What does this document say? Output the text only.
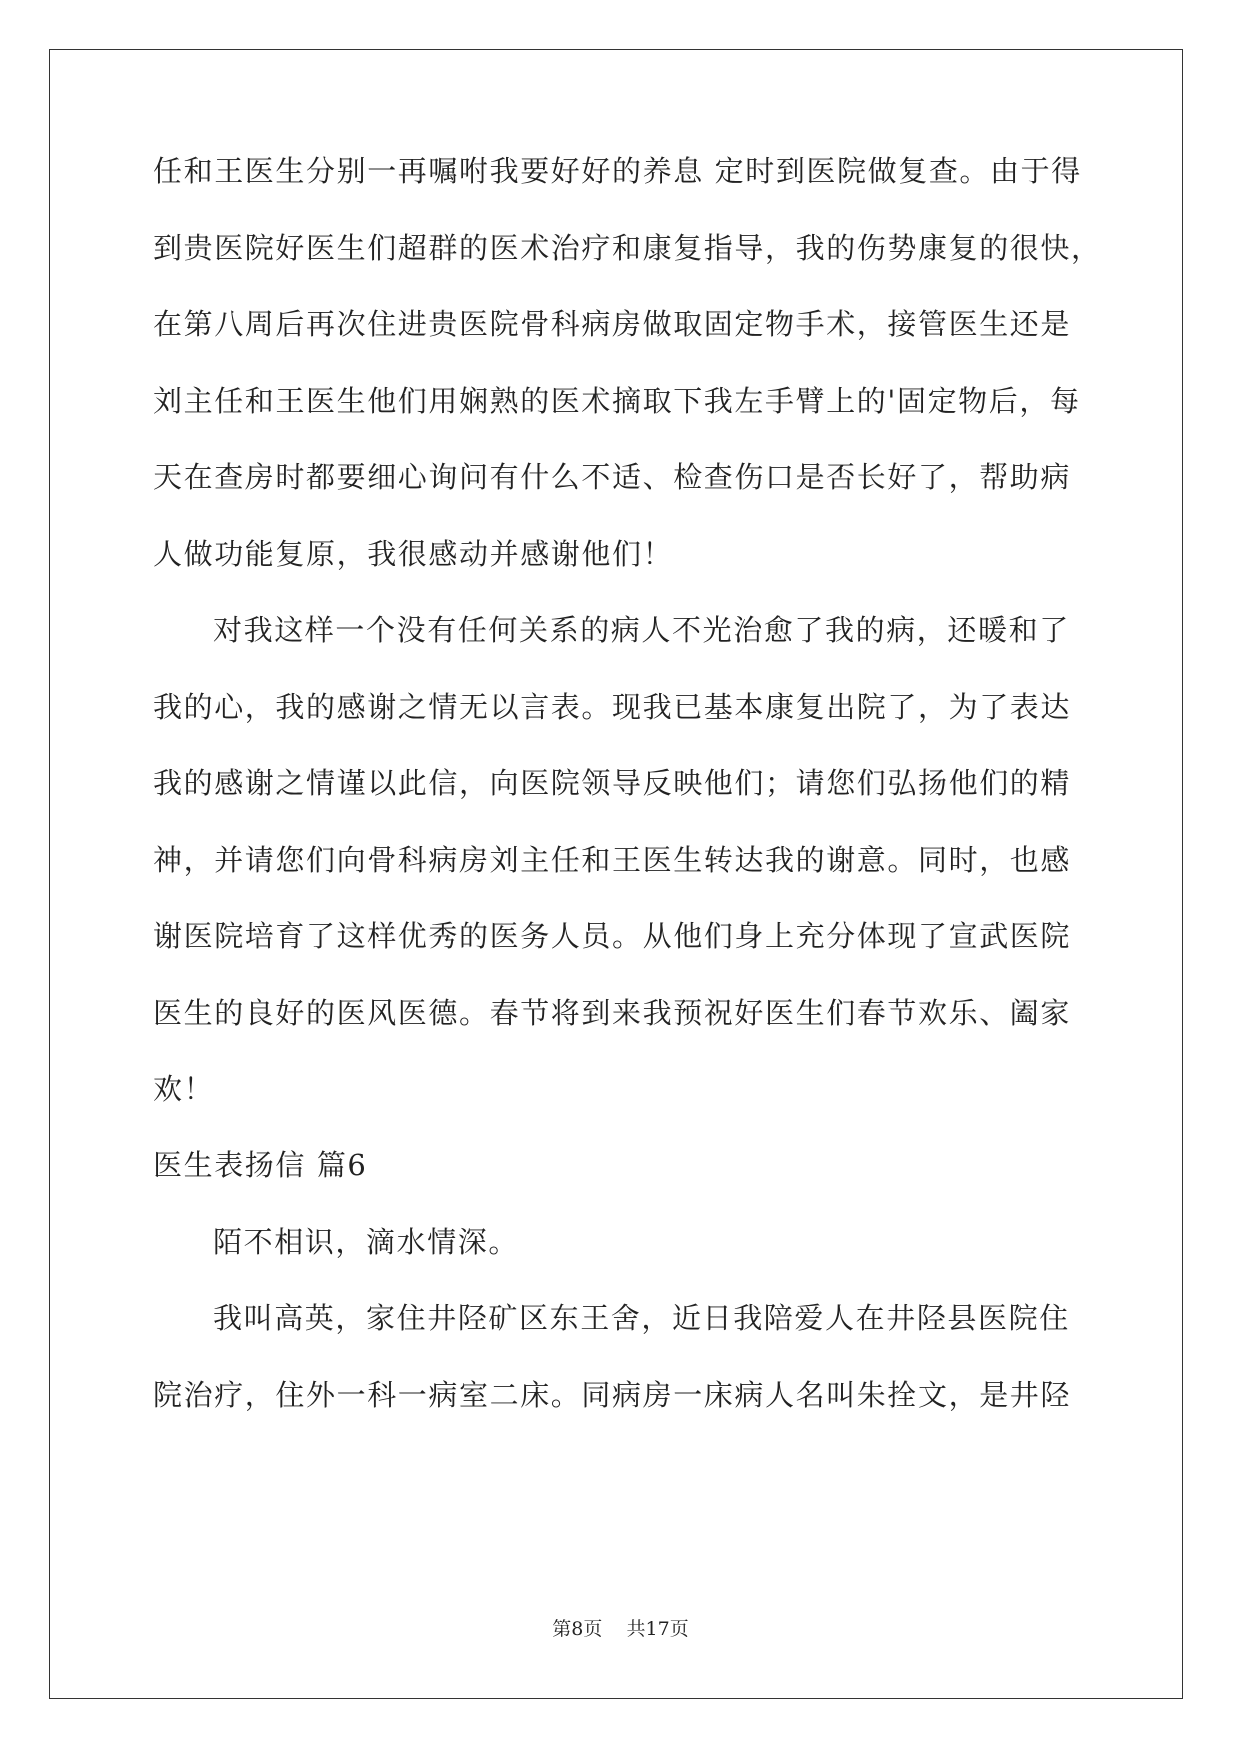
任和王医生分别一再嘱咐我要好好的养息 定时到医院做复查。由于得
到贵医院好医生们超群的医术治疗和康复指导，我的伤势康复的很快，
在第八周后再次住进贵医院骨科病房做取固定物手术，接管医生还是
刘主任和王医生他们用娴熟的医术摘取下我左手臂上的'固定物后，每
天在查房时都要细心询问有什么不适、检查伤口是否长好了，帮助病
人做功能复原，我很感动并感谢他们！
对我这样一个没有任何关系的病人不光治愈了我的病，还暖和了
我的心，我的感谢之情无以言表。现我已基本康复出院了，为了表达
我的感谢之情谨以此信，向医院领导反映他们；请您们弘扬他们的精
神，并请您们向骨科病房刘主任和王医生转达我的谢意。同时，也感
谢医院培育了这样优秀的医务人员。从他们身上充分体现了宣武医院
医生的良好的医风医德。春节将到来我预祝好医生们春节欢乐、阖家
欢！
医生表扬信 篇6
陌不相识，滴水情深。
我叫高英，家住井陉矿区东王舍，近日我陪爱人在井陉县医院住
院治疗，住外一科一病室二床。同病房一床病人名叫朱拴文，是井陉
第8页 共17页
